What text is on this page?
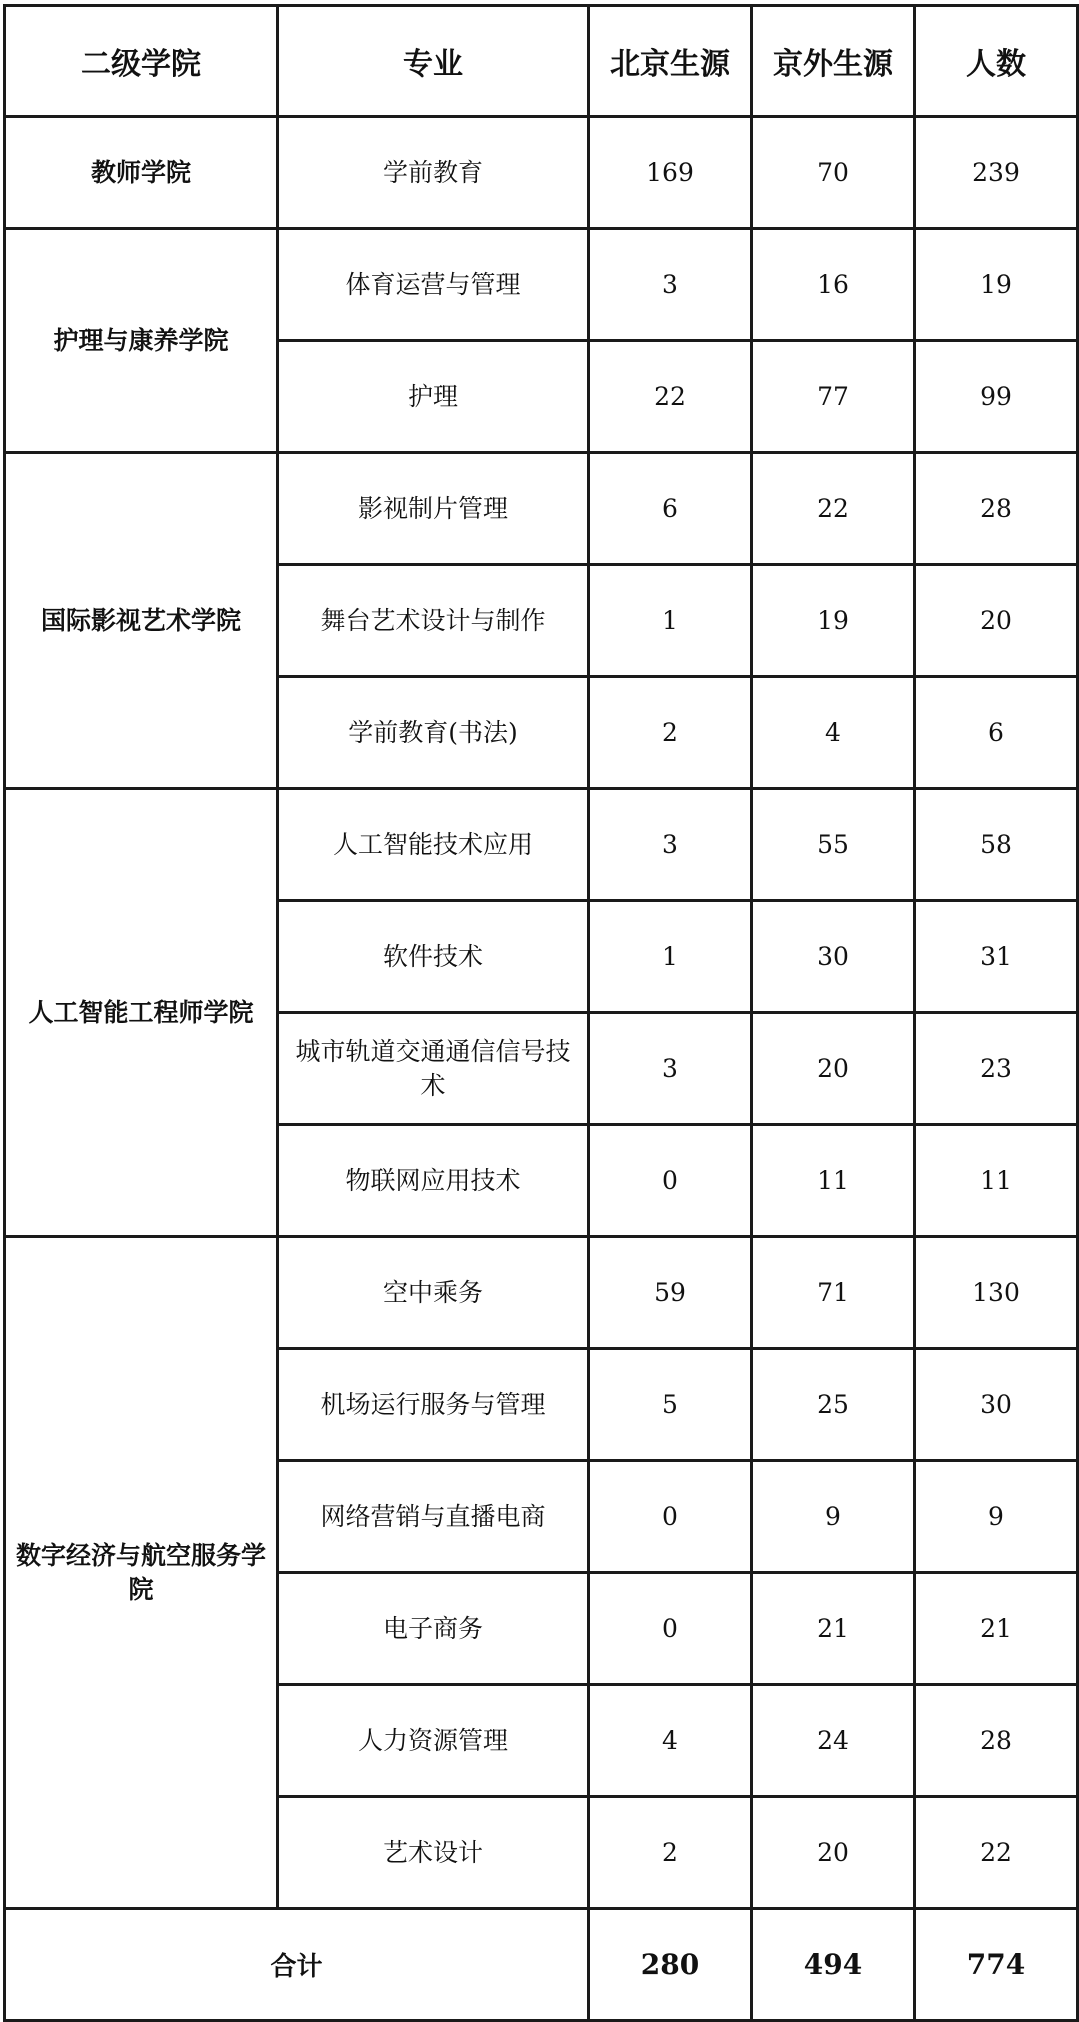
二级学院	专业	北京生源	京外生源	人数
教师学院	学前教育	169	70	239
护理与康养学院	体育运营与管理	3	16	19
	护理	22	77	99
国际影视艺术学院	影视制片管理	6	22	28
	舞台艺术设计与制作	1	19	20
	学前教育(书法)	2	4	6
人工智能工程师学院	人工智能技术应用	3	55	58
	软件技术	1	30	31
	城市轨道交通通信信号技术	3	20	23
	物联网应用技术	0	11	11
数字经济与航空服务学院	空中乘务	59	71	130
	机场运行服务与管理	5	25	30
	网络营销与直播电商	0	9	9
	电子商务	0	21	21
	人力资源管理	4	24	28
	艺术设计	2	20	22
合计		280	494	774
